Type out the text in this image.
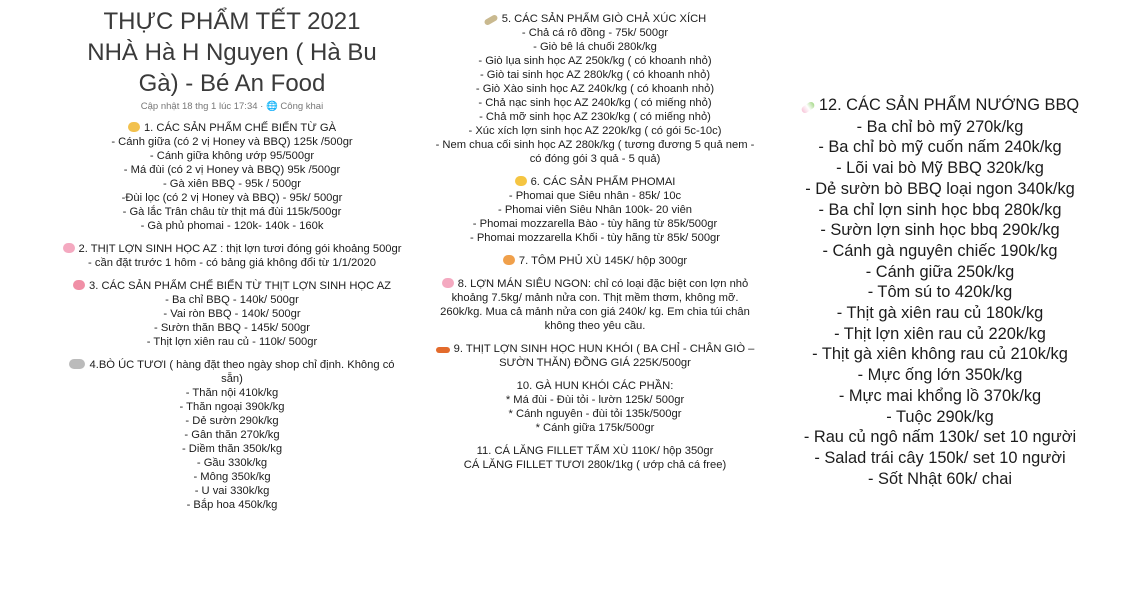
THỰC PHẨM TẾT 2021
NHÀ Hà H Nguyen ( Hà Bu
Gà) - Bé An Food
Cập nhật 18 thg 1 lúc 17:34 · 🌐 Công khai
1. CÁC SẢN PHẨM CHẾ BIẾN TỪ GÀ
- Cánh giữa (có 2 vị Honey và BBQ) 125k /500gr
- Cánh giữa không ướp 95/500gr
- Má đùi (có 2 vị Honey và BBQ) 95k /500gr
- Gà xiên BBQ - 95k / 500gr
-Đùi lọc (có 2 vị Honey và BBQ) - 95k/ 500gr
- Gà lắc Trân châu từ thịt má đùi 115k/500gr
- Gà phủ phomai - 120k- 140k - 160k
2. THỊT LỢN SINH HỌC AZ : thịt lợn tươi đóng gói khoảng 500gr - cần đặt trước 1 hôm - có bảng giá không đổi từ 1/1/2020
3. CÁC SẢN PHẨM CHẾ BIẾN TỪ THỊT LỢN SINH HỌC AZ
- Ba chỉ BBQ - 140k/ 500gr
- Vai ròn BBQ - 140k/ 500gr
- Sườn thăn BBQ - 145k/ 500gr
- Thịt lợn xiên rau củ - 110k/ 500gr
4.BÒ ÚC TƯƠI ( hàng đặt theo ngày shop chỉ định. Không có sẵn)
- Thăn nội 410k/kg
- Thăn ngoại 390k/kg
- Dẻ sườn 290k/kg
- Gân thăn 270k/kg
- Diềm thăn 350k/kg
- Gầu 330k/kg
- Mông 350k/kg
- U vai 330k/kg
- Bắp hoa 450k/kg
5. CÁC SẢN PHẨM GIÒ CHẢ XÚC XÍCH
- Chả cá rô đồng - 75k/ 500gr
- Giò bê lá chuối 280k/kg
- Giò lụa sinh học AZ 250k/kg ( có khoanh nhỏ)
- Giò tai sinh học AZ 280k/kg ( có khoanh nhỏ)
- Giò Xào sinh học AZ 240k/kg ( có khoanh nhỏ)
- Chả nạc sinh học AZ 240k/kg ( có miếng nhỏ)
- Chả mỡ sinh học AZ 230k/kg ( có miếng nhỏ)
- Xúc xích lợn sinh học AZ 220k/kg ( có gói 5c-10c)
- Nem chua cối sinh học AZ 280k/kg ( tương đương 5 quả nem - có đóng gói 3 quả - 5 quả)
6. CÁC SẢN PHẨM PHOMAI
- Phomai que Siêu nhân - 85k/ 10c
- Phomai viên Siêu Nhân 100k- 20 viên
- Phomai mozzarella Bào - tùy hãng từ 85k/500gr
- Phomai mozzarella Khối - tùy hãng từ 85k/ 500gr
7. TÔM PHỦ XÙ 145K/ hộp 300gr
8. LỢN MÁN SIÊU NGON: chỉ có loại đặc biệt con lợn nhỏ khoảng 7.5kg/ mảnh nửa con. Thịt mềm thơm, không mỡ. 260k/kg. Mua cả mảnh nửa con giá 240k/ kg. Em chia túi chân không theo yêu cầu.
9. THỊT LỢN SINH HỌC HUN KHÓI ( BA CHỈ - CHÂN GIÒ – SƯỜN THĂN) ĐỒNG GIÁ 225K/500gr
10. GÀ HUN KHÓI CÁC PHẦN:
* Má đùi - Đùi tỏi - lườn 125k/ 500gr
* Cánh nguyên - đùi tỏi 135k/500gr
* Cánh giữa 175k/500gr
11. CÁ LĂNG FILLET TẨM XÙ 110K/ hộp 350gr
CÁ LĂNG FILLET TƯƠI 280k/1kg ( ướp chả cá free)
12. CÁC SẢN PHẨM NƯỚNG BBQ
- Ba chỉ bò mỹ 270k/kg
- Ba chỉ bò mỹ cuốn nấm 240k/kg
- Lõi vai bò Mỹ BBQ 320k/kg
- Dẻ sườn bò BBQ loại ngon 340k/kg
- Ba chỉ lợn sinh học bbq 280k/kg
- Sườn lợn sinh học bbq 290k/kg
- Cánh gà nguyên chiếc 190k/kg
- Cánh giữa 250k/kg
- Tôm sú to 420k/kg
- Thịt gà xiên rau củ 180k/kg
- Thịt lợn xiên rau củ 220k/kg
- Thịt gà xiên không rau củ 210k/kg
- Mực ống lớn 350k/kg
- Mực mai khổng lồ 370k/kg
- Tuộc 290k/kg
- Rau củ ngô nấm 130k/ set 10 người
- Salad trái cây 150k/ set 10 người
- Sốt Nhật 60k/ chai
